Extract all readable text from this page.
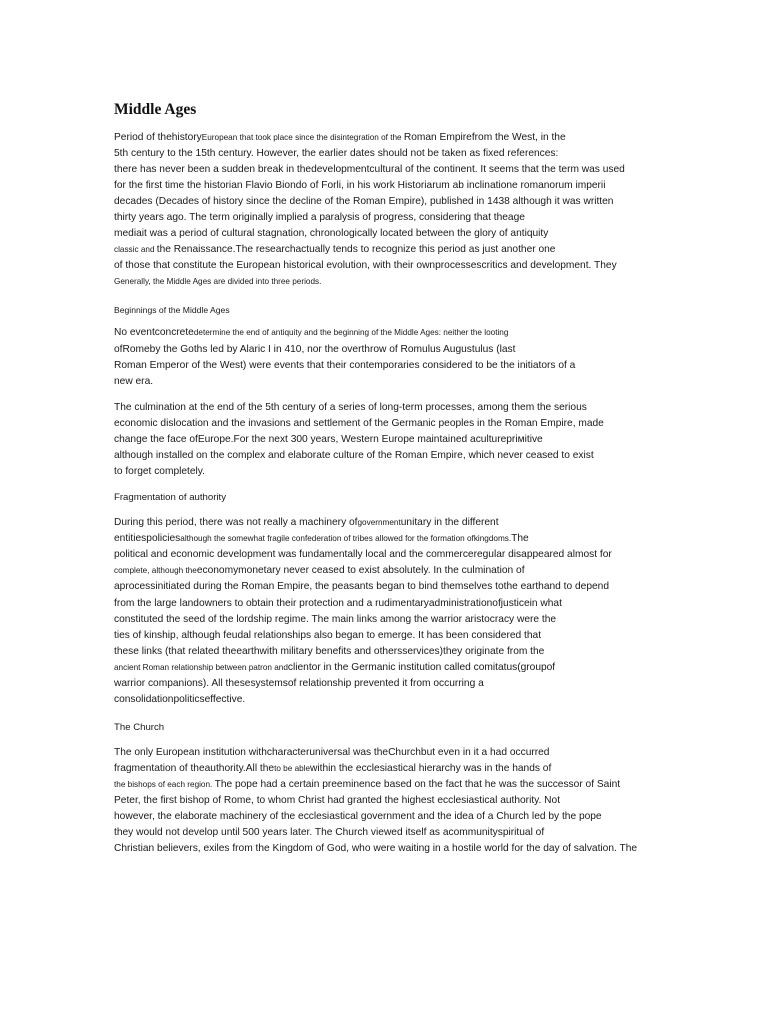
Middle Ages
Period of thehistoryEuropean that took place since the disintegration of the Roman Empirefrom the West, in the
5th century to the 15th century. However, the earlier dates should not be taken as fixed references:
there has never been a sudden break in thedevelopmentcultural of the continent. It seems that the term was used
for the first time the historian Flavio Biondo of Forli, in his work Historiarum ab inclinatione romanorum imperii
decades (Decades of history since the decline of the Roman Empire), published in 1438 although it was written
thirty years ago. The term originally implied a paralysis of progress, considering that theage
mediait was a period of cultural stagnation, chronologically located between the glory of antiquity
classic and the Renaissance.The researchactually tends to recognize this period as just another one
of those that constitute the European historical evolution, with their ownprocessescritics and development. They
Generally, the Middle Ages are divided into three periods.
Beginnings of the Middle Ages
No eventconcretedetermine the end of antiquity and the beginning of the Middle Ages: neither the looting
ofRomeby the Goths led by Alaric I in 410, nor the overthrow of Romulus Augustulus (last
Roman Emperor of the West) were events that their contemporaries considered to be the initiators of a
new era.
The culmination at the end of the 5th century of a series of long-term processes, among them the serious
economic dislocation and the invasions and settlement of the Germanic peoples in the Roman Empire, made
change the face ofEurope.For the next 300 years, Western Europe maintained aculturepriмitive
although installed on the complex and elaborate culture of the Roman Empire, which never ceased to exist
to forget completely.
Fragmentation of authority
During this period, there was not really a machinery ofgovernmentunitary in the different
entitiespoliciesalthough the somewhat fragile confederation of tribes allowed for the formation ofkingdoms.The
political and economic development was fundamentally local and the commerceregular disappeared almost for
complete, although theeconomymonetary never ceased to exist absolutely. In the culmination of
aprocessinitiated during the Roman Empire, the peasants began to bind themselves tothe earthand to depend
from the large landowners to obtain their protection and a rudimentaryadministrationofjusticein what
constituted the seed of the lordship regime. The main links among the warrior aristocracy were the
ties of kinship, although feudal relationships also began to emerge. It has been considered that
these links (that related theearthwith military benefits and othersservices)they originate from the
ancient Roman relationship between patron andclientor in the Germanic institution called comitatus(groupof
warrior companions). All thesesystemsof relationship prevented it from occurring a
consolidationpoliticseffective.
The Church
The only European institution withcharacteruniversal was theChurchbut even in it a had occurred
fragmentation of theauthority.All theto be ablewithin the ecclesiastical hierarchy was in the hands of
the bishops of each region. The pope had a certain preeminence based on the fact that he was the successor of Saint
Peter, the first bishop of Rome, to whom Christ had granted the highest ecclesiastical authority. Not
however, the elaborate machinery of the ecclesiastical government and the idea of a Church led by the pope
they would not develop until 500 years later. The Church viewed itself as acommunityspiritual of
Christian believers, exiles from the Kingdom of God, who were waiting in a hostile world for the day of salvation. The
